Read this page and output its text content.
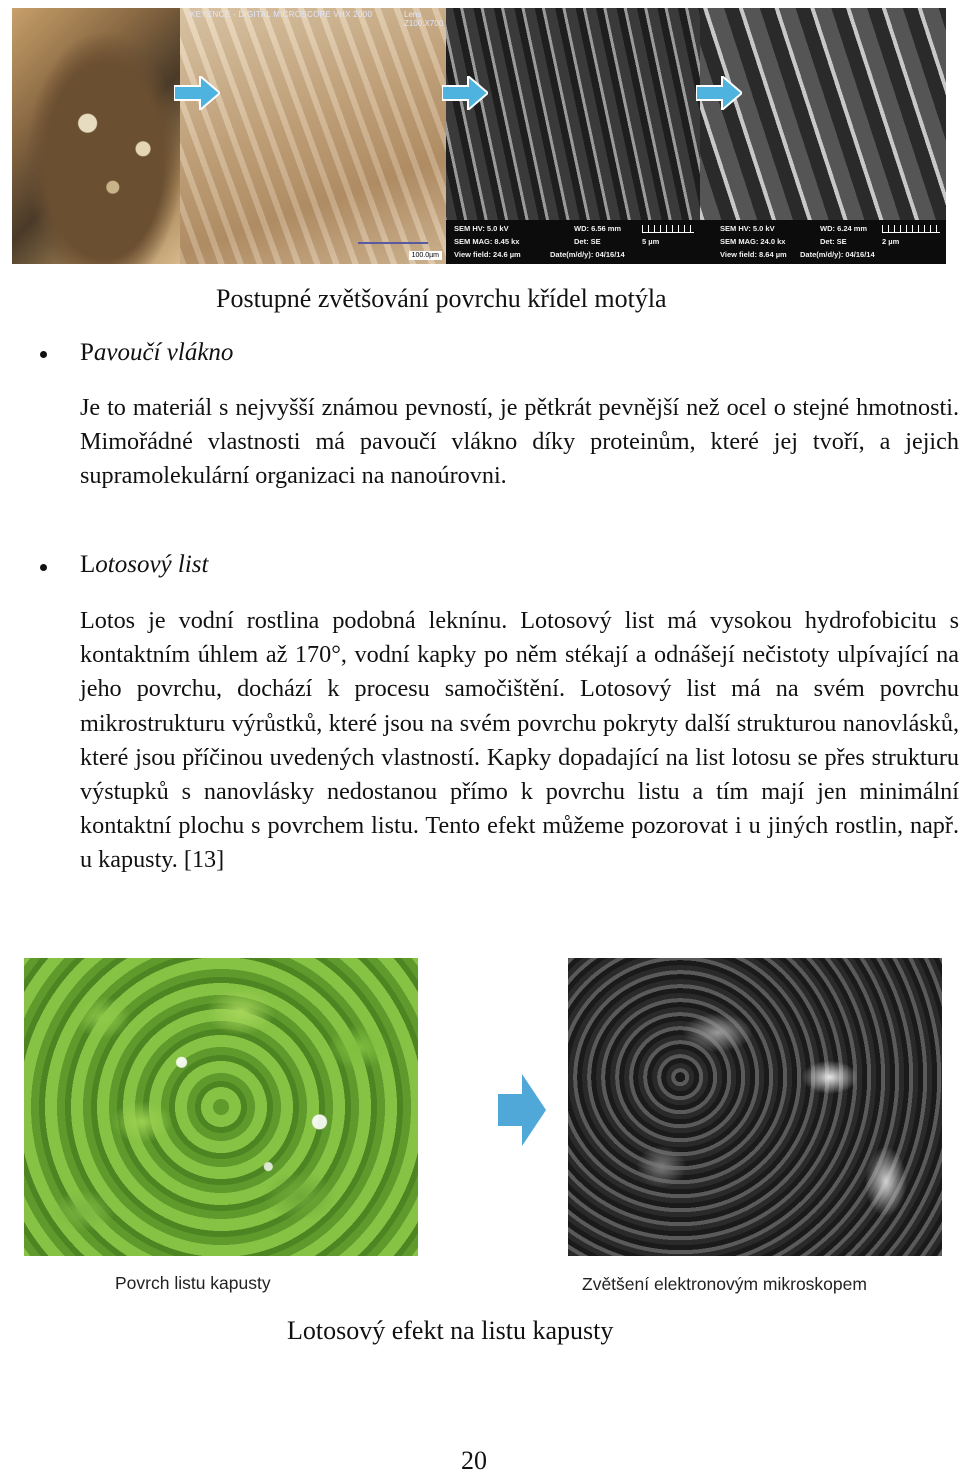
KEYENCE - DIGITAL MICROSCOPE VHX 2000	Lens Z100.X700
100.0µm
SEM HV: 5.0 kV	WD: 6.56 mm
SEM MAG: 8.45 kx	Det: SE	5 µm
View field: 24.6 µm	Date(m/d/y): 04/16/14
SEM HV: 5.0 kV	WD: 6.24 mm
SEM MAG: 24.0 kx	Det: SE	2 µm
View field: 8.64 µm Date(m/d/y): 04/16/14
Postupné zvětšování povrchu křídel motýla
Pavoučí vlákno

Je to materiál s nejvyšší známou pevností, je pětkrát pevnější než ocel o stejné hmotnosti. Mimořádné vlastnosti má pavoučí vlákno díky proteinům, které jej tvoří, a jejich supramolekulární organizaci na nanoúrovni.

Lotosový list

Lotos je vodní rostlina podobná leknínu. Lotosový list má vysokou hydrofobicitu s kontaktním úhlem až 170°, vodní kapky po něm stékají a odnášejí nečistoty ulpívající na jeho povrchu, dochází k procesu samočištění. Lotosový list má na svém povrchu mikrostrukturu výrůstků, které jsou na svém povrchu pokryty další strukturou nanovlásků, které jsou příčinou uvedených vlastností. Kapky dopadající na list lotosu se přes strukturu výstupků s nanovlásky nedostanou přímo k povrchu listu a tím mají jen minimální kontaktní plochu s povrchem listu. Tento efekt můžeme pozorovat i u jiných rostlin, např. u kapusty. [13]

Povrch listu kapusty	Zvětšení elektronovým mikroskopem
Lotosový efekt na listu kapusty
20
